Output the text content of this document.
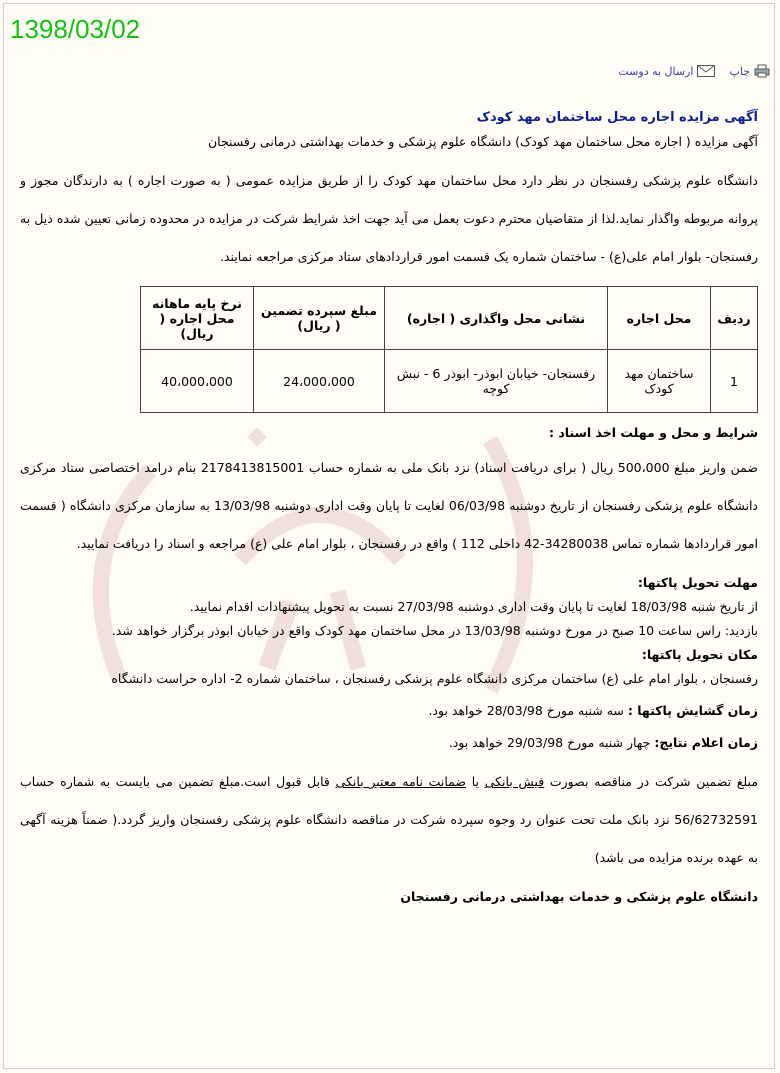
1398/03/02
چاپ
ارسال به دوست
آگهی مزایده اجاره محل ساختمان مهد کودک
آگهی مزایده ( اجاره محل ساختمان مهد کودک) دانشگاه علوم پزشکی و خدمات بهداشتی درمانی رفسنجان
دانشگاه علوم پزشکی رفسنجان در نظر دارد محل ساختمان مهد کودک را از طریق مزایده عمومی ( به صورت اجاره ) به دارندگان مجوز و پروانه مربوطه واگذار نماید.لذا از متقاضیان محترم دعوت بعمل می آید جهت اخذ شرایط شرکت در مزایده در محدوده زمانی تعیین شده ذیل به رفسنجان- بلوار امام علی(ع) - ساختمان شماره یک قسمت امور قراردادهای ستاد مرکزی مراجعه نمایند.
ردیف	محل اجاره	نشانی محل واگذاری ( اجاره)	مبلغ سپرده تضمین ( ریال)	نرخ پایه ماهانه محل اجاره ( ریال)
1	ساختمان مهد کودک	رفسنجان- خیابان ابوذر- ابوذر 6 - نبش کوچه	24،000،000	40،000،000
شرایط و محل و مهلت اخذ اسناد :
ضمن واریز مبلغ 500،000 ریال ( برای دریافت اسناد) نزد بانک ملی به شماره حساب 2178413815001 بنام درامد اختصاصی ستاد مرکزی دانشگاه علوم پزشکی رفسنجان از تاریخ دوشنبه 06/03/98 لغایت تا پایان وقت اداری دوشنبه 13/03/98 به سازمان مرکزی دانشگاه ( قسمت امور قراردادها شماره تماس 34280038-42 داخلی 112 ) واقع در رفسنجان ، بلوار امام علی (ع) مراجعه و اسناد را دریافت نمایید.
مهلت تحویل پاکتها:
از تاریخ شنبه 18/03/98 لغایت تا پایان وقت اداری دوشنبه 27/03/98 نسبت به تحویل پیشنهادات اقدام نمایید.
بازدید: راس ساعت 10 صبح در مورخ دوشنبه 13/03/98 در محل ساختمان مهد کودک واقع در خیابان ابوذر برگزار خواهد شد.
مکان تحویل پاکتها:
رفسنجان ، بلوار امام علی (ع) ساختمان مرکزی دانشگاه علوم پزشکی رفسنجان ، ساختمان شماره 2- اداره حراست دانشگاه
زمان گشایش پاکتها : سه شنبه مورخ 28/03/98 خواهد بود.
زمان اعلام نتایج: چهار شنبه مورخ 29/03/98 خواهد بود.
مبلغ تضمین شرکت در مناقصه بصورت فیش بانکی یا ضمانت نامه معتبر بانکی قابل قبول است.مبلغ تضمین می بایست به شماره حساب 56/62732591 نزد بانک ملت تحت عنوان رد وجوه سپرده شرکت در مناقصه دانشگاه علوم پزشکی رفسنجان واریز گردد.( ضمناً هزینه آگهی به عهده برنده مزایده می باشد)
دانشگاه علوم پزشکی و خدمات بهداشتی درمانی رفسنجان
